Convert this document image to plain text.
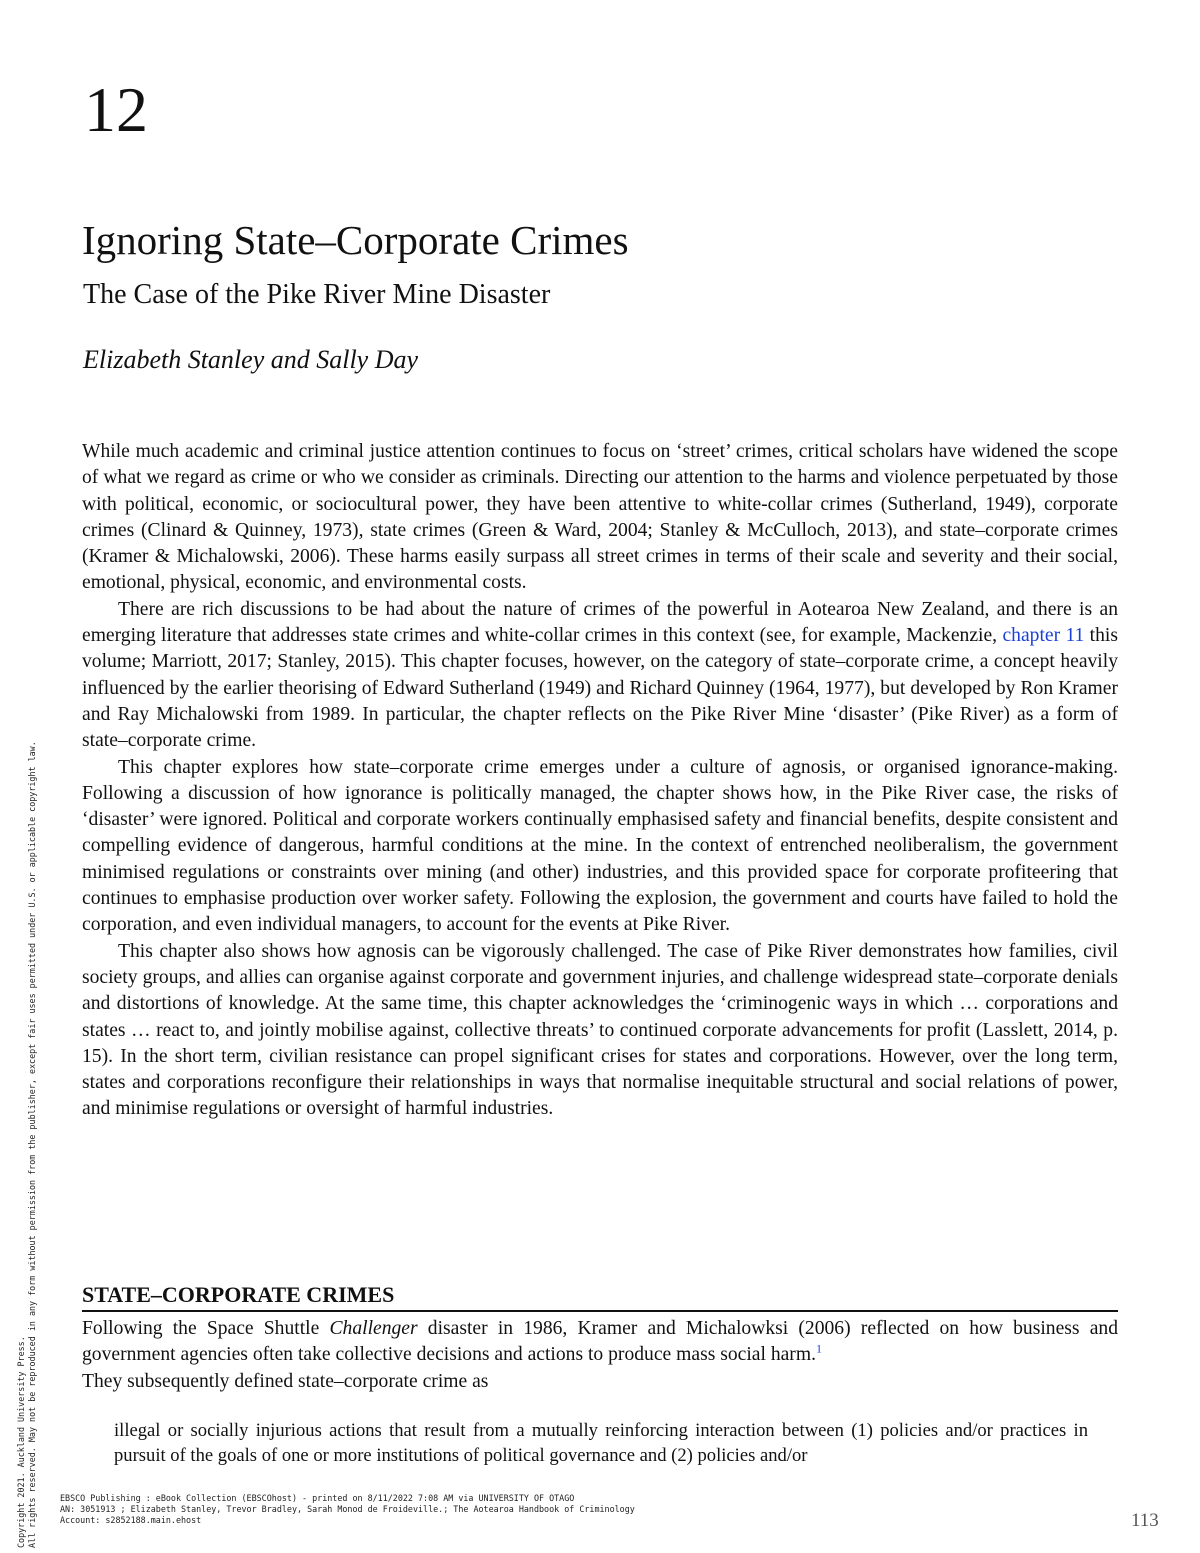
12
Ignoring State–Corporate Crimes
The Case of the Pike River Mine Disaster
Elizabeth Stanley and Sally Day

While much academic and criminal justice attention continues to focus on ‘street’ crimes, critical scholars have widened the scope of what we regard as crime or who we consider as criminals. Directing our attention to the harms and violence perpetuated by those with political, economic, or sociocultural power, they have been attentive to white-collar crimes (Sutherland, 1949), corporate crimes (Clinard & Quinney, 1973), state crimes (Green & Ward, 2004; Stanley & McCulloch, 2013), and state–corporate crimes (Kramer & Michalowski, 2006). These harms easily surpass all street crimes in terms of their scale and severity and their social, emotional, physical, economic, and environmental costs.

There are rich discussions to be had about the nature of crimes of the powerful in Aotearoa New Zealand, and there is an emerging literature that addresses state crimes and white-collar crimes in this context (see, for example, Mackenzie, chapter 11 this volume; Marriott, 2017; Stanley, 2015). This chapter focuses, however, on the category of state–corporate crime, a concept heavily influenced by the earlier theorising of Edward Sutherland (1949) and Richard Quinney (1964, 1977), but developed by Ron Kramer and Ray Michalowski from 1989. In particular, the chapter reflects on the Pike River Mine ‘disaster’ (Pike River) as a form of state–corporate crime.

This chapter explores how state–corporate crime emerges under a culture of agnosis, or organised ignorance-making. Following a discussion of how ignorance is politically managed, the chapter shows how, in the Pike River case, the risks of ‘disaster’ were ignored. Political and corporate workers continually emphasised safety and financial benefits, despite consistent and compelling evidence of dangerous, harmful conditions at the mine. In the context of entrenched neoliberalism, the government minimised regulations or constraints over mining (and other) industries, and this provided space for corporate profiteering that continues to emphasise production over worker safety. Following the explosion, the government and courts have failed to hold the corporation, and even individual managers, to account for the events at Pike River.

This chapter also shows how agnosis can be vigorously challenged. The case of Pike River demonstrates how families, civil society groups, and allies can organise against corporate and government injuries, and challenge widespread state–corporate denials and distortions of knowledge. At the same time, this chapter acknowledges the ‘criminogenic ways in which … corporations and states … react to, and jointly mobilise against, collective threats’ to continued corporate advancements for profit (Lasslett, 2014, p. 15). In the short term, civilian resistance can propel significant crises for states and corporations. However, over the long term, states and corporations reconfigure their relationships in ways that normalise inequitable structural and social relations of power, and minimise regulations or oversight of harmful industries.

STATE–CORPORATE CRIMES

Following the Space Shuttle Challenger disaster in 1986, Kramer and Michalowksi (2006) reflected on how business and government agencies often take collective decisions and actions to produce mass social harm.$^1$

They subsequently defined state–corporate crime as

illegal or socially injurious actions that result from a mutually reinforcing interaction between (1) policies and/or practices in pursuit of the goals of one or more institutions of political governance and (2) policies and/or

Copyright 2021. Auckland University Press. All rights reserved. May not be reproduced in any form without permission from the publisher, except fair uses permitted under U.S. or applicable copyright law.	EBSCO Publishing : eBook Collection (EBSCOhost) - printed on 8/11/2022 7:08 AM via UNIVERSITY OF OTAGO
AN: 3051913 ; Elizabeth Stanley, Trevor Bradley, Sarah Monod de Froideville.; The Aotearoa Handbook of Criminology
Account: s2852188.main.ehost	113
